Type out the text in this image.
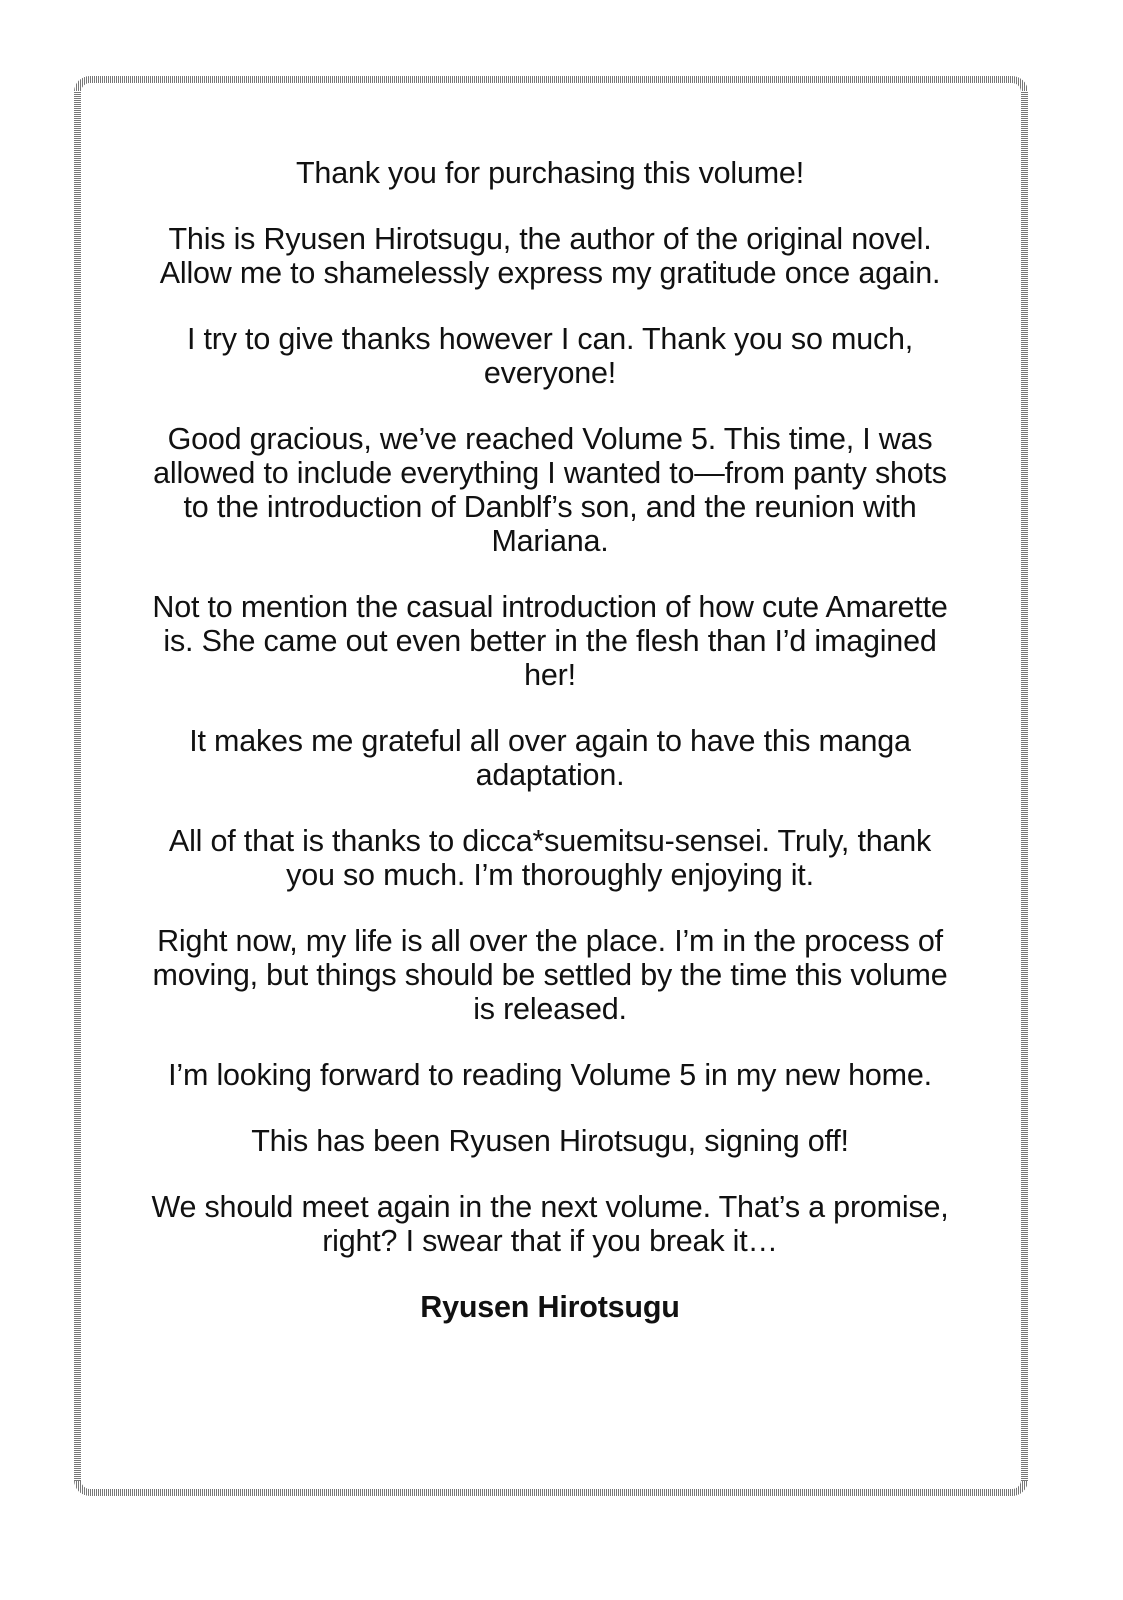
Thank you for purchasing this volume!

This is Ryusen Hirotsugu, the author of the original novel. Allow me to shamelessly express my gratitude once again.

I try to give thanks however I can. Thank you so much, everyone!

Good gracious, we’ve reached Volume 5. This time, I was allowed to include everything I wanted to—from panty shots to the introduction of Danblf’s son, and the reunion with Mariana.

Not to mention the casual introduction of how cute Amarette is. She came out even better in the flesh than I’d imagined her!

It makes me grateful all over again to have this manga adaptation.

All of that is thanks to dicca*suemitsu-sensei. Truly, thank you so much. I’m thoroughly enjoying it.

Right now, my life is all over the place. I’m in the process of moving, but things should be settled by the time this volume is released.

I’m looking forward to reading Volume 5 in my new home.

This has been Ryusen Hirotsugu, signing off!

We should meet again in the next volume. That’s a promise, right? I swear that if you break it…

Ryusen Hirotsugu
